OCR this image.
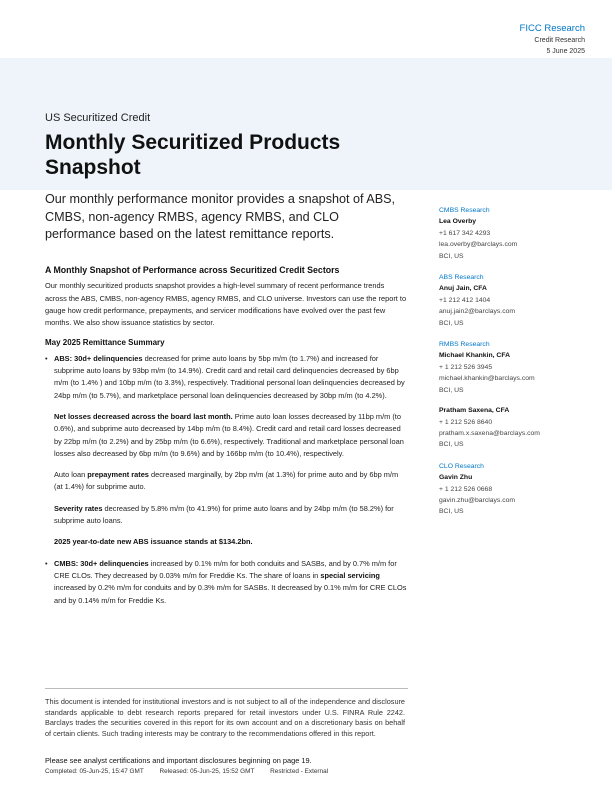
FICC Research
Credit Research
5 June 2025
US Securitized Credit
Monthly Securitized Products Snapshot
Our monthly performance monitor provides a snapshot of ABS, CMBS, non-agency RMBS, agency RMBS, and CLO performance based on the latest remittance reports.
A Monthly Snapshot of Performance across Securitized Credit Sectors

Our monthly securitized products snapshot provides a high-level summary of recent performance trends across the ABS, CMBS, non-agency RMBS, agency RMBS, and CLO universe. Investors can use the report to gauge how credit performance, prepayments, and servicer modifications have evolved over the past few months. We also show issuance statistics by sector.

May 2025 Remittance Summary

• ABS: 30d+ delinquencies decreased for prime auto loans by 5bp m/m (to 1.7%) and increased for subprime auto loans by 93bp m/m (to 14.9%). Credit card and retail card delinquencies decreased by 6bp m/m (to 1.4% ) and 10bp m/m (to 3.3%), respectively. Traditional personal loan delinquencies decreased by 24bp m/m (to 5.7%), and marketplace personal loan delinquencies decreased by 30bp m/m (to 4.2%).

Net losses decreased across the board last month. Prime auto loan losses decreased by 11bp m/m (to 0.6%), and subprime auto decreased by 14bp m/m (to 8.4%). Credit card and retail card losses decreased by 22bp m/m (to 2.2%) and by 25bp m/m (to 6.6%), respectively. Traditional and marketplace personal loan losses also decreased by 6bp m/m (to 9.6%) and by 166bp m/m (to 10.4%), respectively.

Auto loan prepayment rates decreased marginally, by 2bp m/m (at 1.3%) for prime auto and by 6bp m/m (at 1.4%) for subprime auto.

Severity rates decreased by 5.8% m/m (to 41.9%) for prime auto loans and by 24bp m/m (to 58.2%) for subprime auto loans.

2025 year-to-date new ABS issuance stands at $134.2bn.

• CMBS: 30d+ delinquencies increased by 0.1% m/m for both conduits and SASBs, and by 0.7% m/m for CRE CLOs. They decreased by 0.03% m/m for Freddie Ks. The share of loans in special servicing increased by 0.2% m/m for conduits and by 0.3% m/m for SASBs. It decreased by 0.1% m/m for CRE CLOs and by 0.14% m/m for Freddie Ks.

CMBS Research
Lea Overby
+1 617 342 4293
lea.overby@barclays.com
BCI, US
ABS Research
Anuj Jain, CFA
+1 212 412 1404
anuj.jain2@barclays.com
BCI, US
RMBS Research
Michael Khankin, CFA
+ 1 212 526 3945
michael.khankin@barclays.com
BCI, US
Pratham Saxena, CFA
+ 1 212 526 8640
pratham.x.saxena@barclays.com
BCI, US
CLO Research
Gavin Zhu
+ 1 212 526 0668
gavin.zhu@barclays.com
BCI, US
This document is intended for institutional investors and is not subject to all of the independence and disclosure standards applicable to debt research reports prepared for retail investors under U.S. FINRA Rule 2242. Barclays trades the securities covered in this report for its own account and on a discretionary basis on behalf of certain clients. Such trading interests may be contrary to the recommendations offered in this report.
Please see analyst certifications and important disclosures beginning on page 19.
Completed: 05-Jun-25, 15:47 GMT Released: 05-Jun-25, 15:52 GMT Restricted - External
